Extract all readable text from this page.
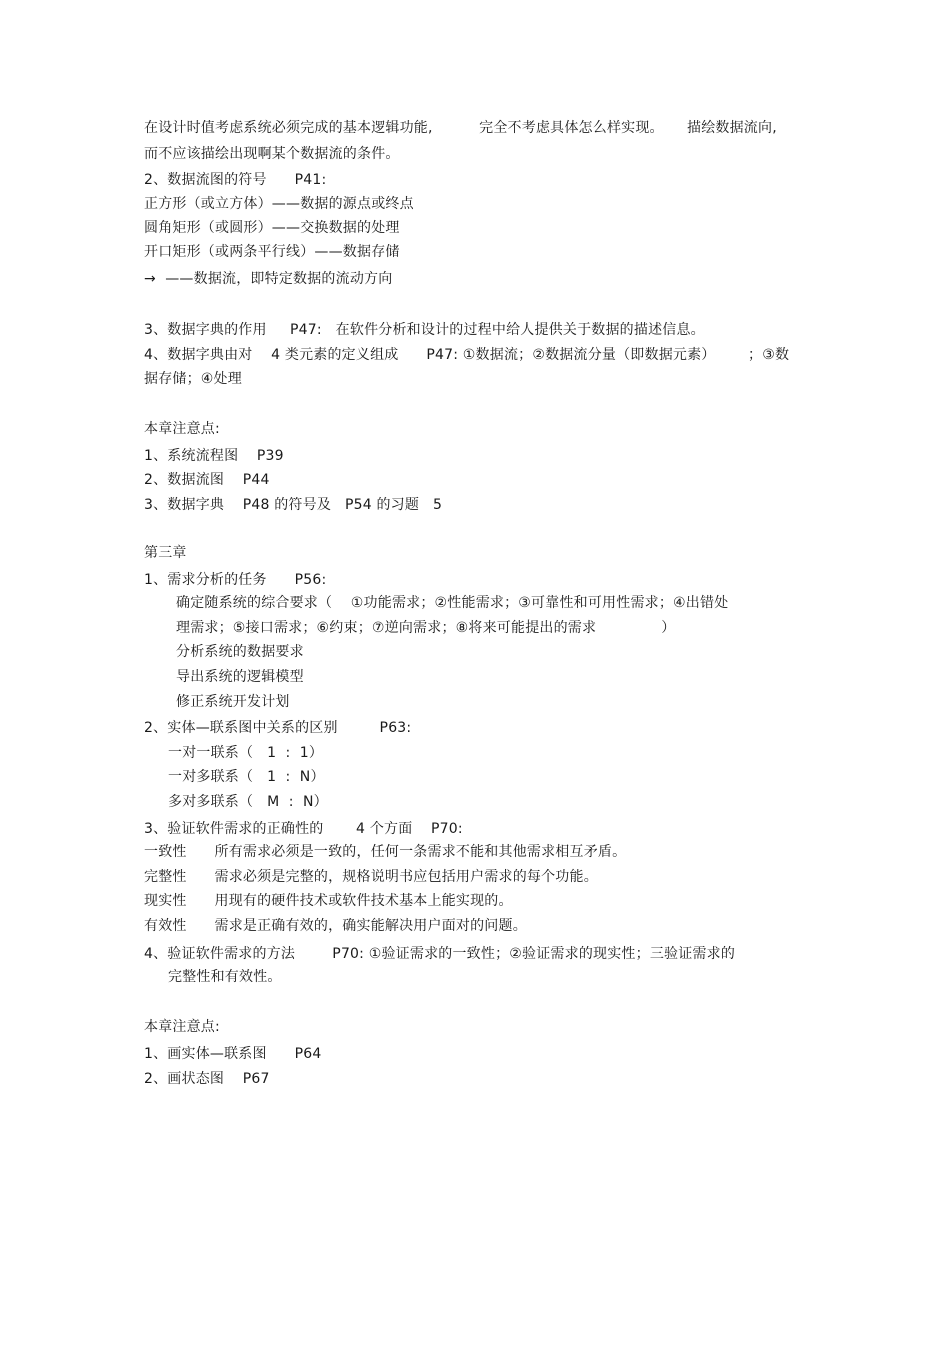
在设计时值考虑系统必须完成的基本逻辑功能,          完全不考虑具体怎么样实现。     描绘数据流向,
而不应该描绘出现啊某个数据流的条件。
2、数据流图的符号      P41:
正方形（或立方体）——数据的源点或终点
圆角矩形（或圆形）——交换数据的处理
开口矩形（或两条平行线）——数据存储
→  ——数据流，即特定数据的流动方向
3、数据字典的作用     P47:   在软件分析和设计的过程中给人提供关于数据的描述信息。
4、数据字典由对    4 类元素的定义组成      P47: ①数据流；②数据流分量（即数据元素）       ；③数
据存储；④处理
本章注意点:
1、系统流程图    P39
2、数据流图    P44
3、数据字典    P48 的符号及   P54 的习题   5
第三章
1、需求分析的任务      P56:
确定随系统的综合要求（    ①功能需求；②性能需求；③可靠性和可用性需求；④出错处
理需求；⑤接口需求；⑥约束；⑦逆向需求；⑧将来可能提出的需求              ）
分析系统的数据要求
导出系统的逻辑模型
修正系统开发计划
2、实体—联系图中关系的区别         P63:
一对一联系（   1  :  1）
一对多联系（   1  :  N）
多对多联系（   M  :  N）
3、验证软件需求的正确性的       4 个方面    P70:
一致性      所有需求必须是一致的，任何一条需求不能和其他需求相互矛盾。
完整性      需求必须是完整的，规格说明书应包括用户需求的每个功能。
现实性      用现有的硬件技术或软件技术基本上能实现的。
有效性      需求是正确有效的，确实能解决用户面对的问题。
4、验证软件需求的方法        P70: ①验证需求的一致性；②验证需求的现实性；三验证需求的
完整性和有效性。
本章注意点:
1、画实体—联系图      P64
2、画状态图    P67
